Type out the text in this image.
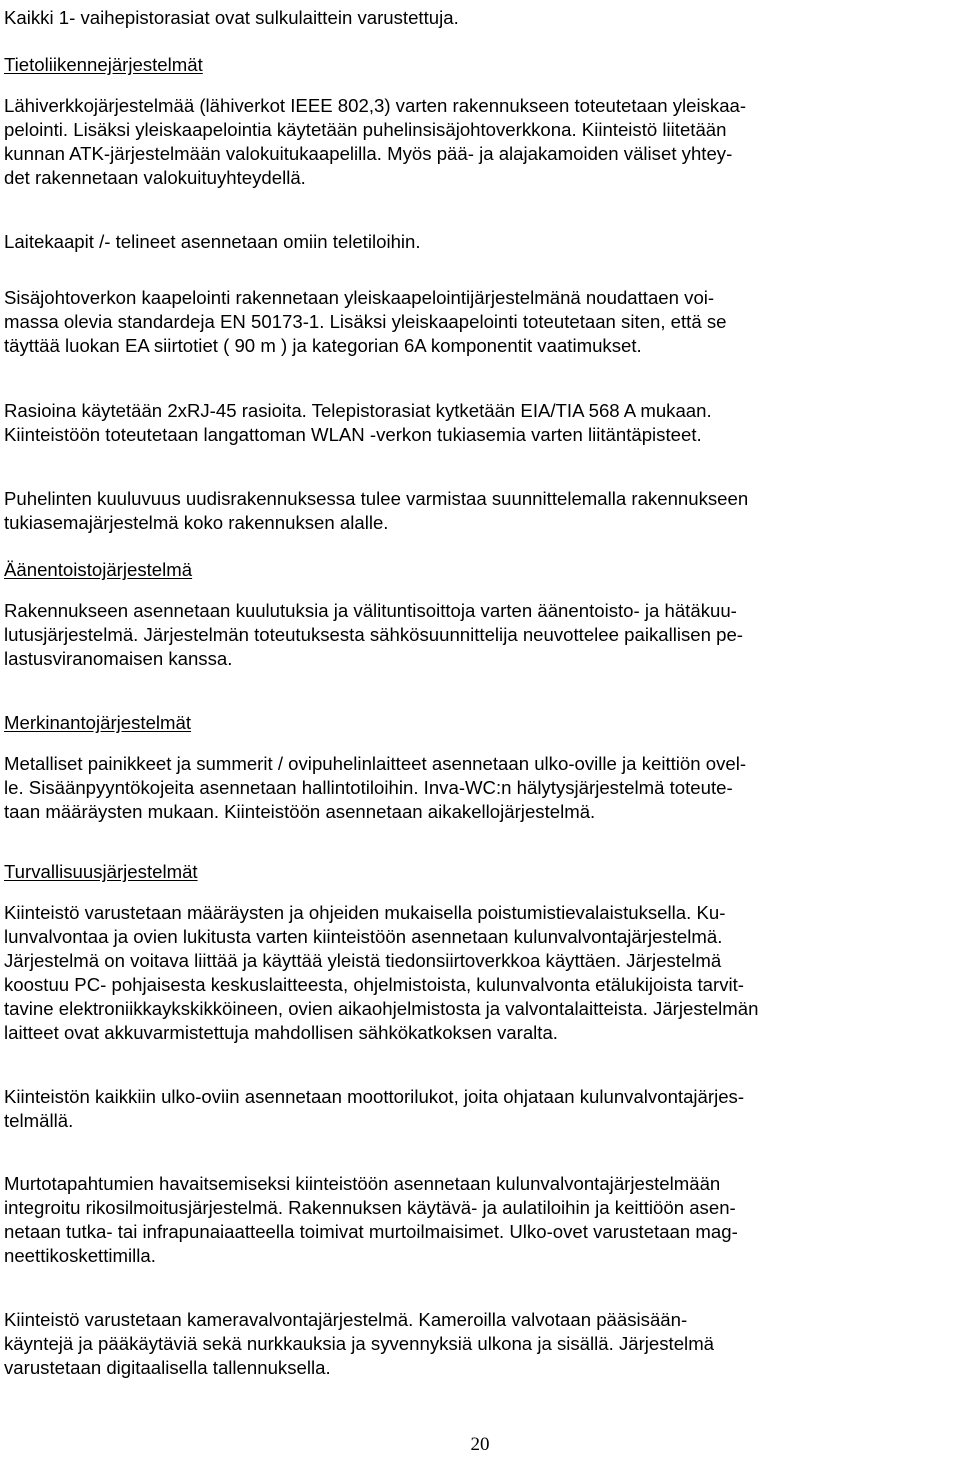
Kaikki 1- vaihepistorasiat ovat sulkulaittein varustettuja.
Tietoliikennejärjestelmät
Lähiverkkojärjestelmää (lähiverkot IEEE 802,3) varten rakennukseen toteutetaan yleiskaa-
pelointi. Lisäksi yleiskaapelointia käytetään puhelinsisäjohtoverkkona. Kiinteistö liitetään
kunnan ATK-järjestelmään valokuitukaapelilla. Myös pää- ja alajakamoiden väliset yhtey-
det rakennetaan valokuituyhteydellä.
Laitekaapit /- telineet asennetaan omiin teletiloihin.
Sisäjohtoverkon kaapelointi rakennetaan yleiskaapelointijärjestelmänä noudattaen voi-
massa olevia standardeja EN 50173-1. Lisäksi yleiskaapelointi toteutetaan siten, että se
täyttää luokan EA siirtotiet ( 90 m ) ja kategorian 6A komponentit vaatimukset.
Rasioina käytetään 2xRJ-45 rasioita. Telepistorasiat kytketään EIA/TIA 568 A mukaan.
Kiinteistöön toteutetaan langattoman WLAN -verkon tukiasemia varten liitäntäpisteet.
Puhelinten kuuluvuus uudisrakennuksessa tulee varmistaa suunnittelemalla rakennukseen
tukiasemajärjestelmä koko rakennuksen alalle.
Äänentoistojärjestelmä
Rakennukseen asennetaan kuulutuksia ja välituntisoittoja varten äänentoisto- ja hätäkuu-
lutusjärjestelmä. Järjestelmän toteutuksesta sähkösuunnittelija neuvottelee paikallisen pe-
lastusviranomaisen kanssa.
Merkinantojärjestelmät
Metalliset painikkeet ja summerit / ovipuhelinlaitteet asennetaan ulko-oville ja keittiön ovel-
le. Sisäänpyyntökojeita asennetaan hallintotiloihin. Inva-WC:n hälytysjärjestelmä toteute-
taan määräysten mukaan. Kiinteistöön asennetaan aikakellojärjestelmä.
Turvallisuusjärjestelmät
Kiinteistö varustetaan määräysten ja ohjeiden mukaisella poistumistievalaistuksella. Ku-
lunvalvontaa ja ovien lukitusta varten kiinteistöön asennetaan kulunvalvontajärjestelmä.
Järjestelmä on voitava liittää ja käyttää yleistä tiedonsiirtoverkkoa käyttäen. Järjestelmä
koostuu PC- pohjaisesta keskuslaitteesta, ohjelmistoista, kulunvalvonta etälukijoista tarvit-
tavine elektroniikkaykskikköineen, ovien aikaohjelmistosta ja valvontalaitteista. Järjestelmän
laitteet ovat akkuvarmistettuja mahdollisen sähkökatkoksen varalta.
Kiinteistön kaikkiin ulko-oviin asennetaan moottorilukot, joita ohjataan kulunvalvontajärjes-
telmällä.
Murtotapahtumien havaitsemiseksi kiinteistöön asennetaan kulunvalvontajärjestelmään
integroitu rikosilmoitusjärjestelmä. Rakennuksen käytävä- ja aulatiloihin ja keittiöön asen-
netaan tutka- tai infrapunaiaatteella toimivat murtoilmaisimet. Ulko-ovet varustetaan mag-
neettikoskettimilla.
Kiinteistö varustetaan kameravalvontajärjestelmä. Kameroilla valvotaan pääsisään-
käyntejä ja pääkäytäviä sekä nurkkauksia ja syvennyksiä ulkona ja sisällä. Järjestelmä
varustetaan digitaalisella tallennuksella.
20
